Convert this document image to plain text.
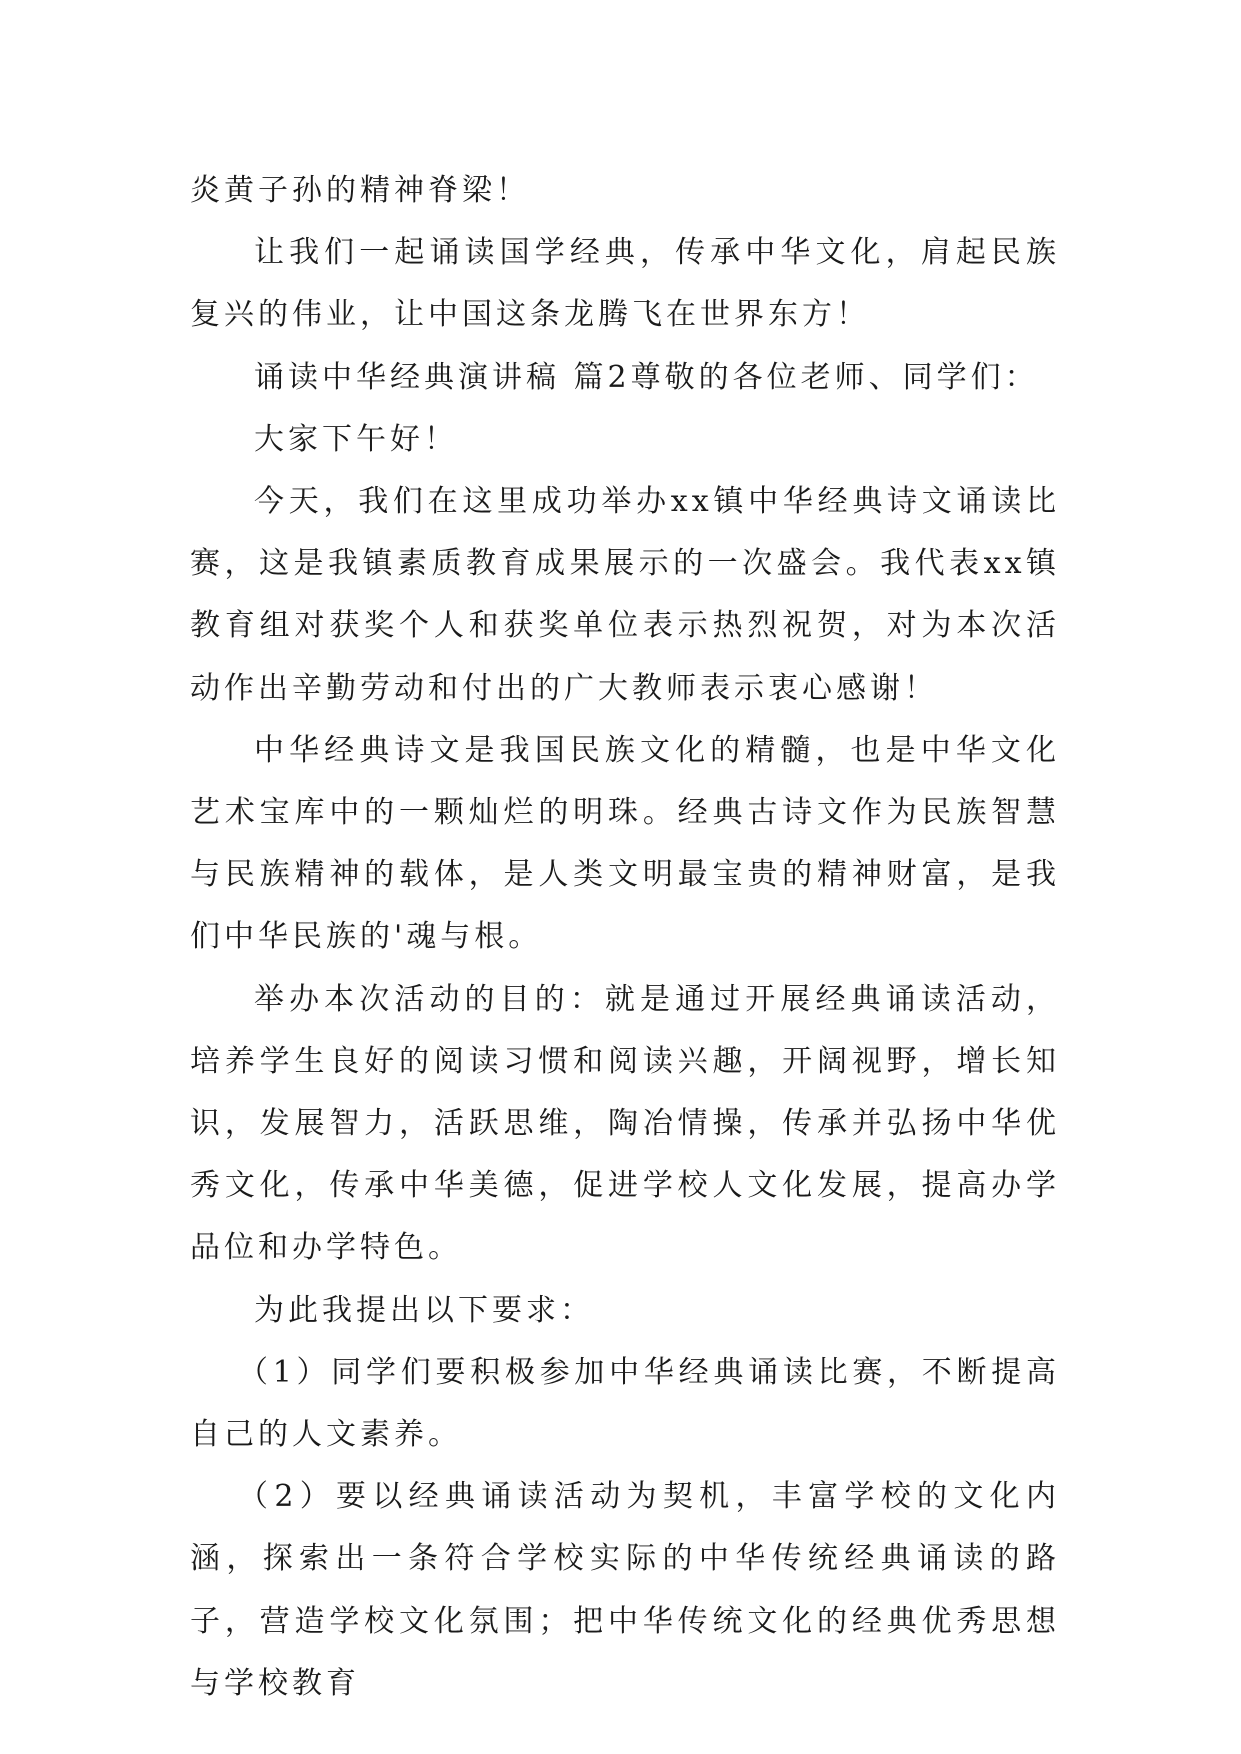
炎黄子孙的精神脊梁！

让我们一起诵读国学经典，传承中华文化，肩起民族复兴的伟业，让中国这条龙腾飞在世界东方！

诵读中华经典演讲稿 篇2尊敬的各位老师、同学们：

大家下午好！

今天，我们在这里成功举办xx镇中华经典诗文诵读比赛，这是我镇素质教育成果展示的一次盛会。我代表xx镇教育组对获奖个人和获奖单位表示热烈祝贺，对为本次活动作出辛勤劳动和付出的广大教师表示衷心感谢！

中华经典诗文是我国民族文化的精髓，也是中华文化艺术宝库中的一颗灿烂的明珠。经典古诗文作为民族智慧与民族精神的载体，是人类文明最宝贵的精神财富，是我们中华民族的'魂与根。

举办本次活动的目的：就是通过开展经典诵读活动，培养学生良好的阅读习惯和阅读兴趣，开阔视野，增长知识，发展智力，活跃思维，陶冶情操，传承并弘扬中华优秀文化，传承中华美德，促进学校人文化发展，提高办学品位和办学特色。

为此我提出以下要求：

（1）同学们要积极参加中华经典诵读比赛，不断提高自己的人文素养。

（2）要以经典诵读活动为契机，丰富学校的文化内涵，探索出一条符合学校实际的中华传统经典诵读的路子，营造学校文化氛围；把中华传统文化的经典优秀思想与学校教育
